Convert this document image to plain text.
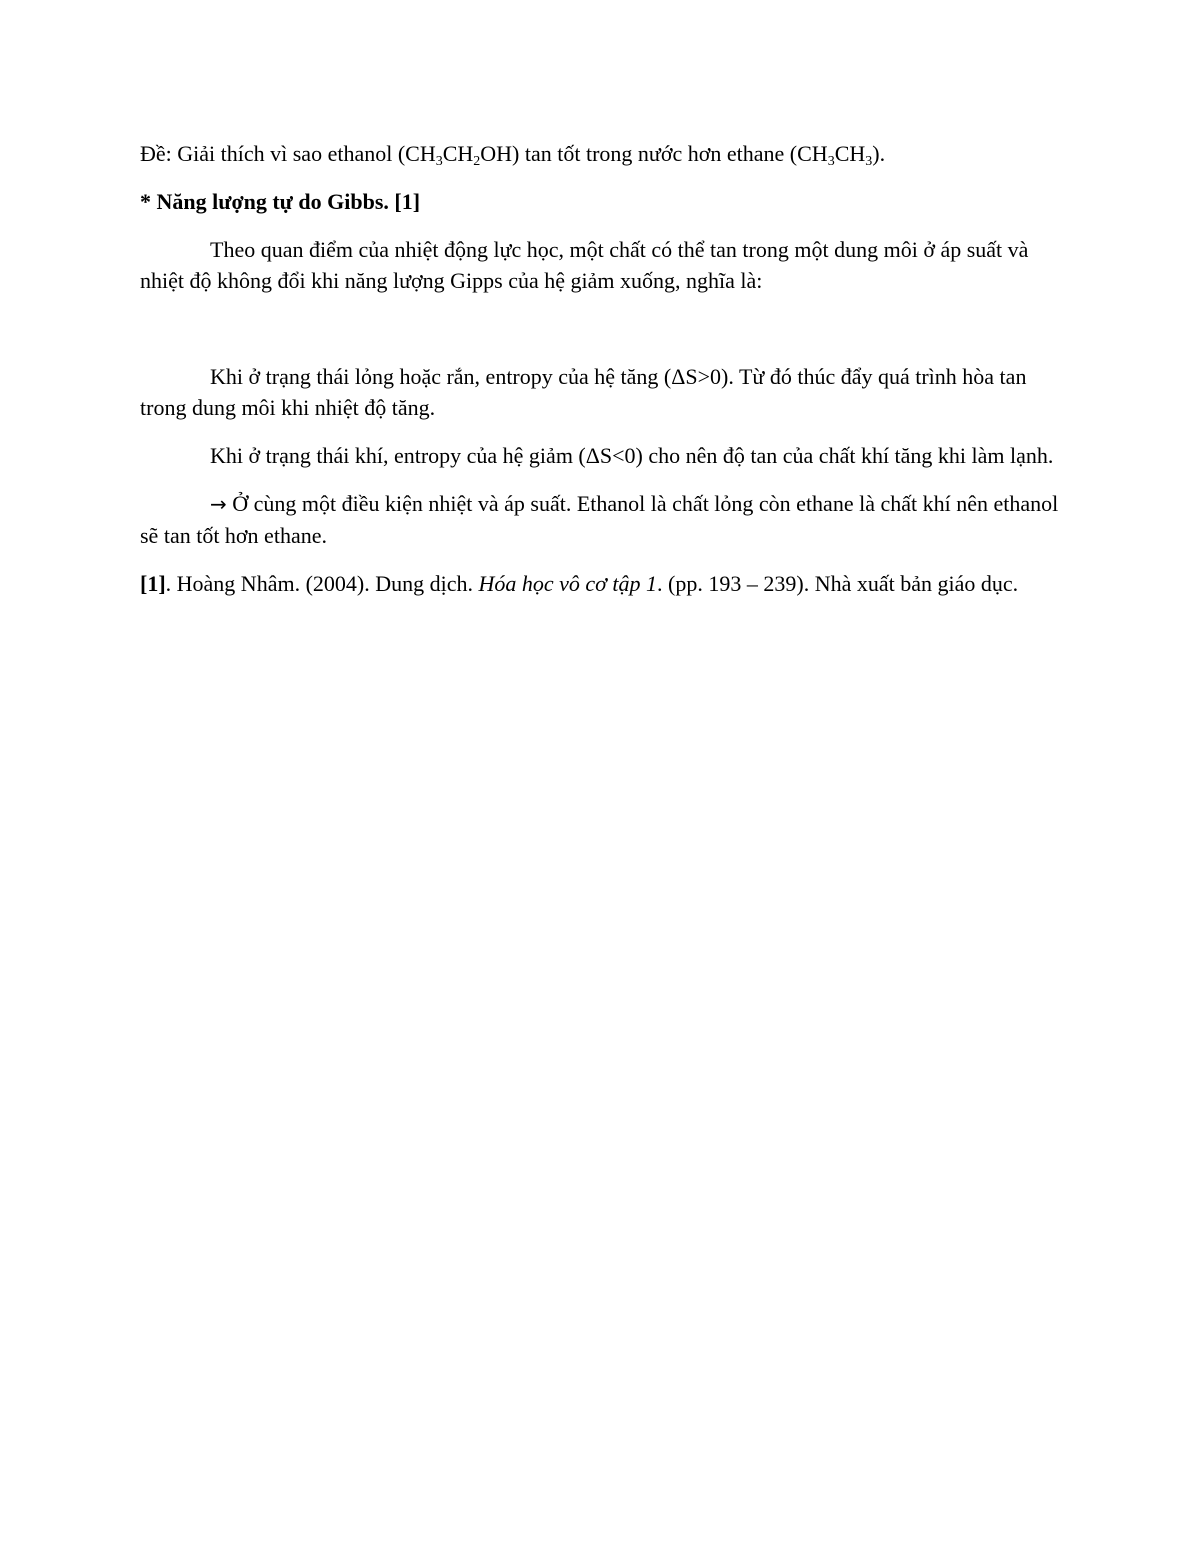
Đề: Giải thích vì sao ethanol $(CH_3CH_2OH)$ tan tốt trong nước hơn ethane $(CH_3CH_3)$.

* Năng lượng tự do Gibbs. [1]

Theo quan điểm của nhiệt động lực học, một chất có thể tan trong một dung môi ở áp suất và nhiệt độ không đổi khi năng lượng Gipps của hệ giảm xuống, nghĩa là:

Khi ở trạng thái lỏng hoặc rắn, entropy của hệ tăng (ΔS>0). Từ đó thúc đẩy quá trình hòa tan trong dung môi khi nhiệt độ tăng.

Khi ở trạng thái khí, entropy của hệ giảm (ΔS<0) cho nên độ tan của chất khí tăng khi làm lạnh.

→ Ở cùng một điều kiện nhiệt và áp suất. Ethanol là chất lỏng còn ethane là chất khí nên ethanol sẽ tan tốt hơn ethane.

[1]. Hoàng Nhâm. (2004). Dung dịch. Hóa học vô cơ tập 1. (pp. 193 – 239). Nhà xuất bản giáo dục.
